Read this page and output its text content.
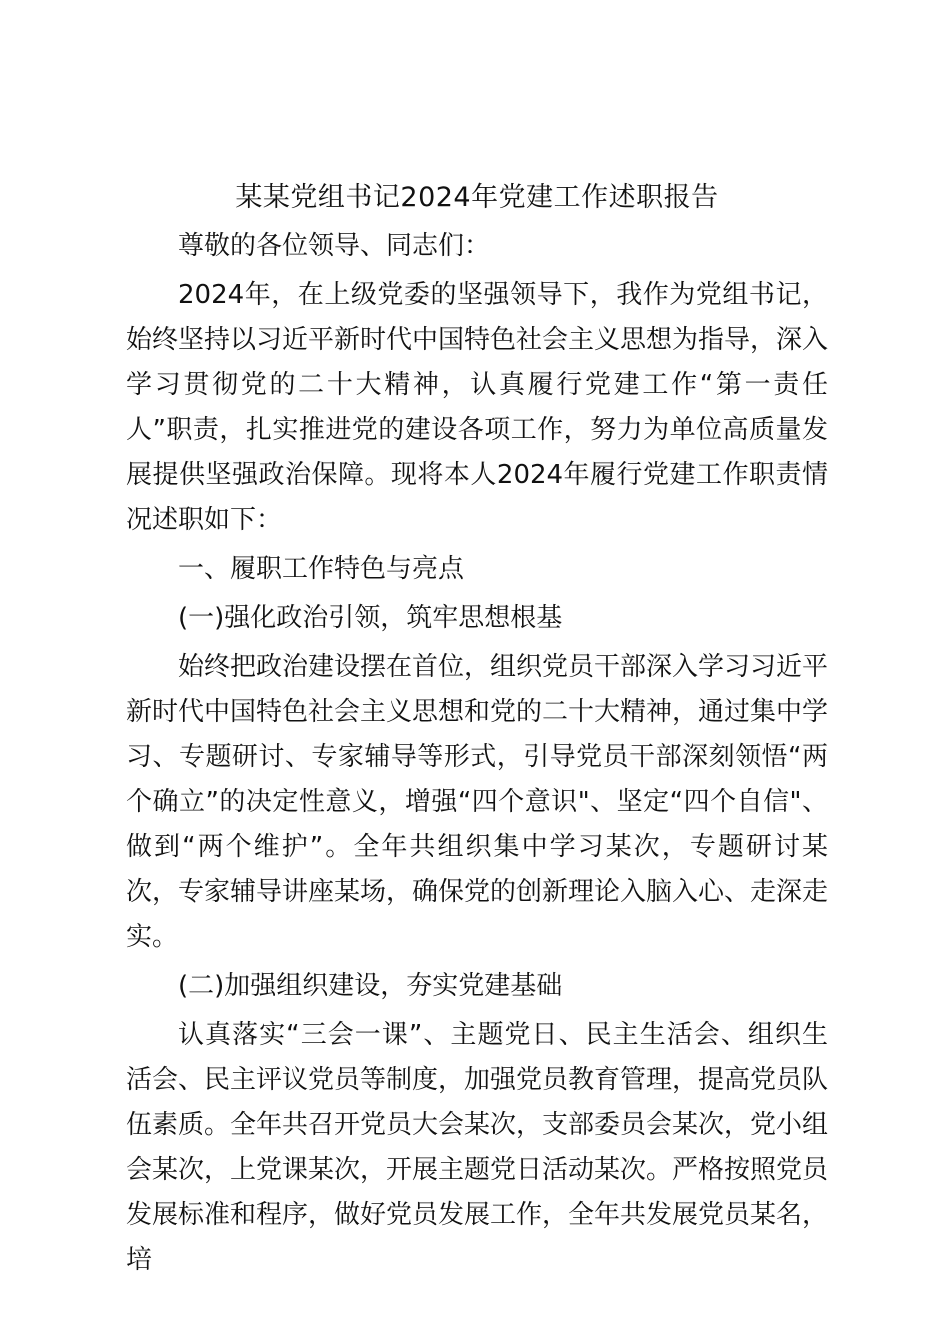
某某党组书记2024年党建工作述职报告

尊敬的各位领导、同志们：

2024年，在上级党委的坚强领导下，我作为党组书记，始终坚持以习近平新时代中国特色社会主义思想为指导，深入学习贯彻党的二十大精神，认真履行党建工作“第一责任人”职责，扎实推进党的建设各项工作，努力为单位高质量发展提供坚强政治保障。现将本人2024年履行党建工作职责情况述职如下：

一、履职工作特色与亮点

(一)强化政治引领，筑牢思想根基

始终把政治建设摆在首位，组织党员干部深入学习习近平新时代中国特色社会主义思想和党的二十大精神，通过集中学习、专题研讨、专家辅导等形式，引导党员干部深刻领悟“两个确立”的决定性意义，增强“四个意识"、坚定“四个自信"、做到“两个维护”。全年共组织集中学习某次，专题研讨某次，专家辅导讲座某场，确保党的创新理论入脑入心、走深走实。

(二)加强组织建设，夯实党建基础

认真落实“三会一课”、主题党日、民主生活会、组织生活会、民主评议党员等制度，加强党员教育管理，提高党员队伍素质。全年共召开党员大会某次，支部委员会某次，党小组会某次，上党课某次，开展主题党日活动某次。严格按照党员发展标准和程序，做好党员发展工作，全年共发展党员某名，培
